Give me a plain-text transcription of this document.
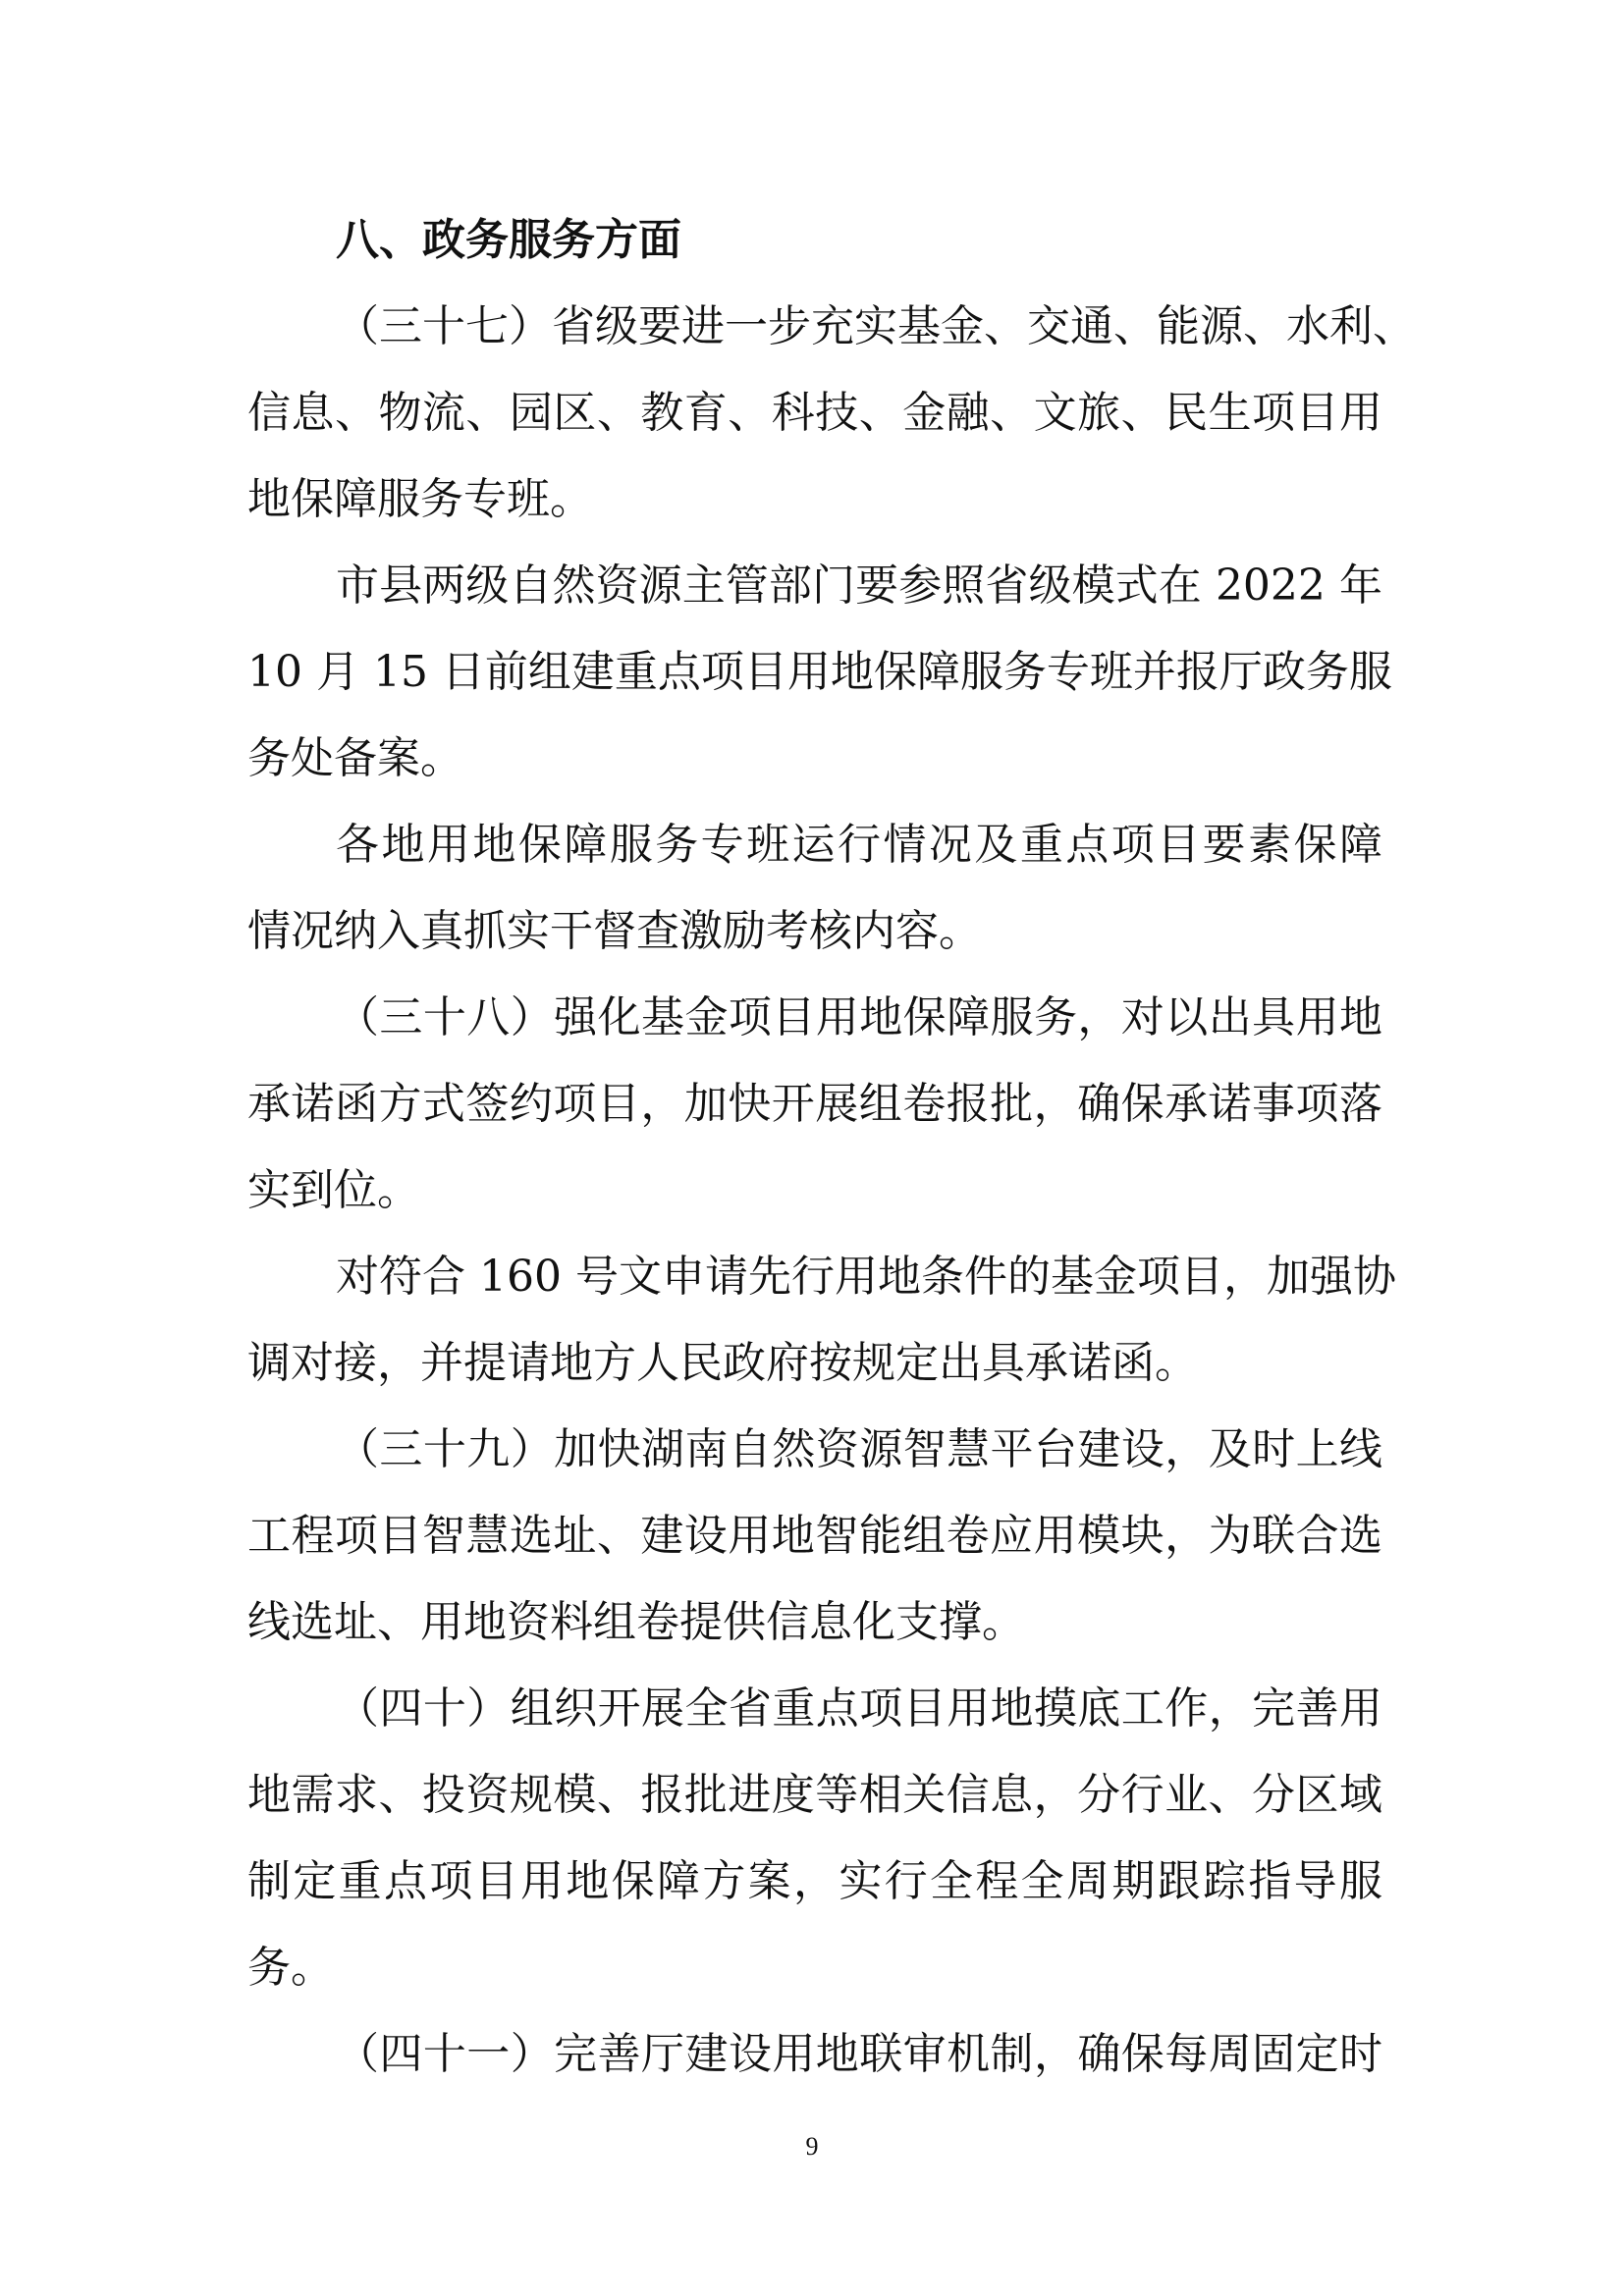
八、政务服务方面
（三十七）省级要进一步充实基金、交通、能源、水利、
信息、物流、园区、教育、科技、金融、文旅、民生项目用
地保障服务专班。
市县两级自然资源主管部门要参照省级模式在 2022 年
10 月 15 日前组建重点项目用地保障服务专班并报厅政务服
务处备案。
各地用地保障服务专班运行情况及重点项目要素保障
情况纳入真抓实干督查激励考核内容。
（三十八）强化基金项目用地保障服务，对以出具用地
承诺函方式签约项目，加快开展组卷报批，确保承诺事项落
实到位。
对符合 160 号文申请先行用地条件的基金项目，加强协
调对接，并提请地方人民政府按规定出具承诺函。
（三十九）加快湖南自然资源智慧平台建设，及时上线
工程项目智慧选址、建设用地智能组卷应用模块，为联合选
线选址、用地资料组卷提供信息化支撑。
（四十）组织开展全省重点项目用地摸底工作，完善用
地需求、投资规模、报批进度等相关信息，分行业、分区域
制定重点项目用地保障方案，实行全程全周期跟踪指导服
务。
（四十一）完善厅建设用地联审机制，确保每周固定时
9
